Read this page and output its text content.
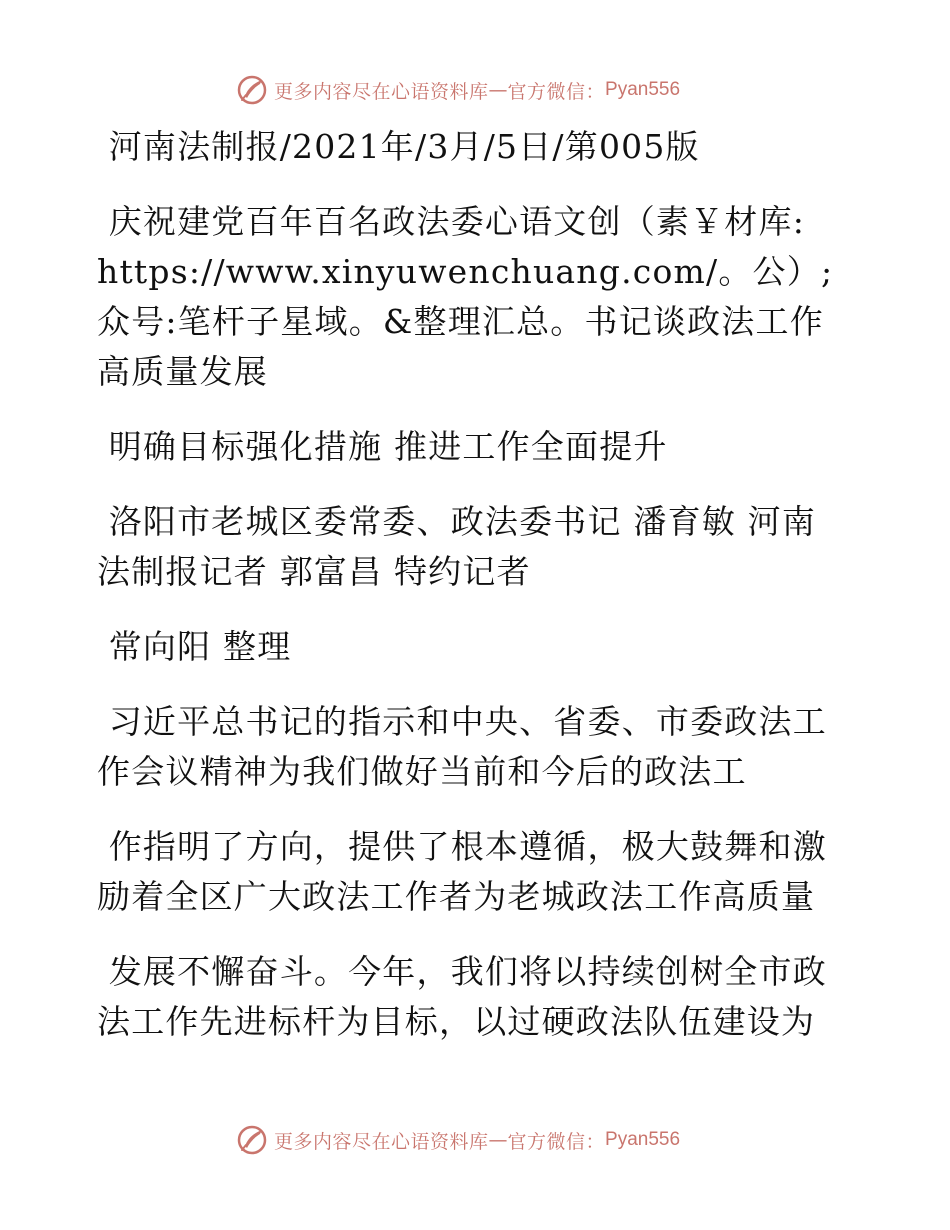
更多内容尽在心语资料库 — 官方微信： Pyan556

河南法制报/2021年/3月/5日/第005版

庆祝建党百年百名政法委心语文创（素￥材库:
https://www.xinyuwenchuang.com/。公）;众号:笔杆子星域。&整理汇总。书记谈政法工作高质量发展

明确目标强化措施 推进工作全面提升

洛阳市老城区委常委、政法委书记 潘育敏 河南法制报记者 郭富昌 特约记者

常向阳 整理

习近平总书记的指示和中央、省委、市委政法工作会议精神为我们做好当前和今后的政法工

作指明了方向，提供了根本遵循，极大鼓舞和激励着全区广大政法工作者为老城政法工作高质量

发展不懈奋斗。今年，我们将以持续创树全市政法工作先进标杆为目标，以过硬政法队伍建设为

更多内容尽在心语资料库 — 官方微信： Pyan556
